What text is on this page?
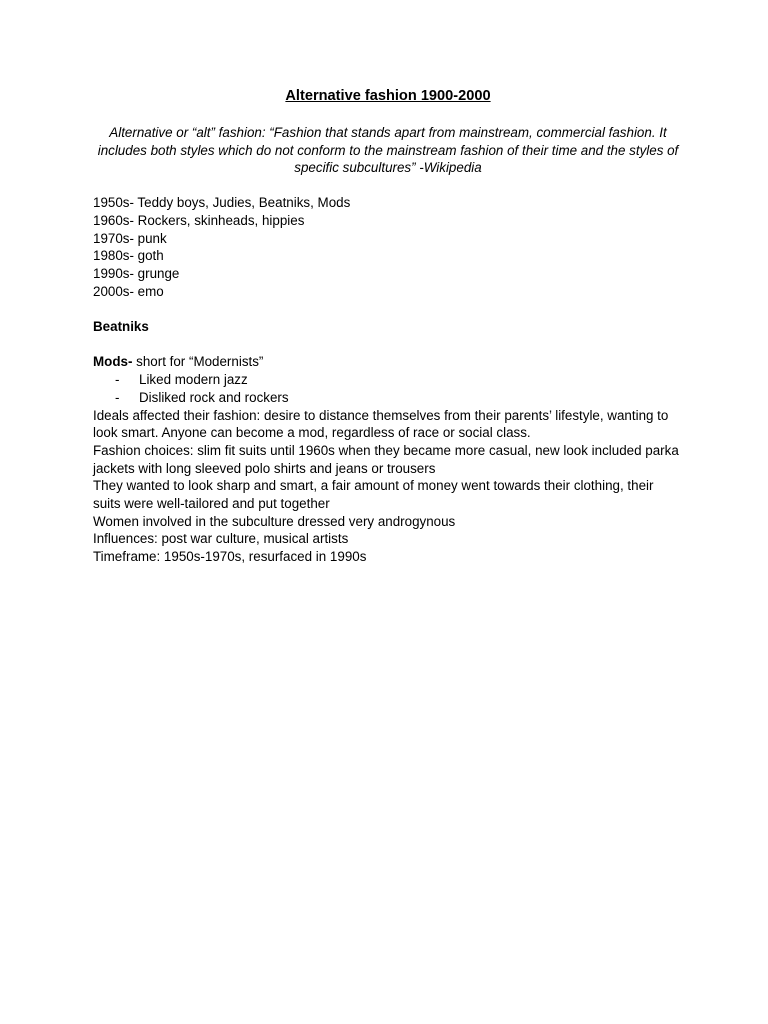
Alternative fashion 1900-2000
Alternative or “alt” fashion: “Fashion that stands apart from mainstream, commercial fashion. It includes both styles which do not conform to the mainstream fashion of their time and the styles of specific subcultures” -Wikipedia
1950s- Teddy boys, Judies, Beatniks, Mods
1960s- Rockers, skinheads, hippies
1970s- punk
1980s- goth
1990s- grunge
2000s- emo
Beatniks
Mods- short for “Modernists”
-	Liked modern jazz
-	Disliked rock and rockers

Ideals affected their fashion: desire to distance themselves from their parents’ lifestyle, wanting to look smart. Anyone can become a mod, regardless of race or social class.

Fashion choices: slim fit suits until 1960s when they became more casual, new look included parka jackets with long sleeved polo shirts and jeans or trousers

They wanted to look sharp and smart, a fair amount of money went towards their clothing, their suits were well-tailored and put together

Women involved in the subculture dressed very androgynous

Influences: post war culture, musical artists

Timeframe: 1950s-1970s, resurfaced in 1990s
